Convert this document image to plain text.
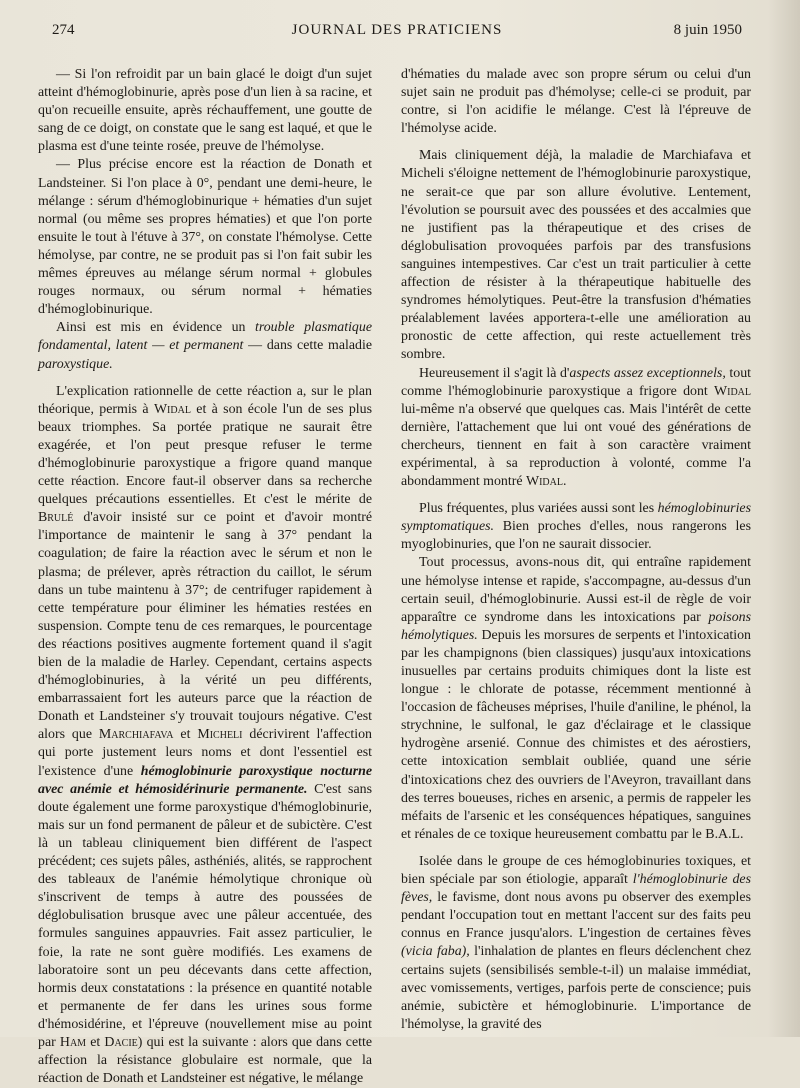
274	JOURNAL DES PRATICIENS	8 juin 1950

— Si l'on refroidit par un bain glacé le doigt d'un sujet atteint d'hémoglobinurie, après pose d'un lien à sa racine, et qu'on recueille ensuite, après réchauffement, une goutte de sang de ce doigt, on constate que le sang est laqué, et que le plasma est d'une teinte rosée, preuve de l'hémolyse.

— Plus précise encore est la réaction de Donath et Landsteiner. Si l'on place à 0°, pendant une demi-heure, le mélange : sérum d'hémoglobinurique + hématies d'un sujet normal (ou même ses propres hématies) et que l'on porte ensuite le tout à l'étuve à 37°, on constate l'hémolyse. Cette hémolyse, par contre, ne se produit pas si l'on fait subir les mêmes épreuves au mélange sérum normal + globules rouges normaux, ou sérum normal + hématies d'hémoglobinurique.

Ainsi est mis en évidence un trouble plasmatique fondamental, latent — et permanent — dans cette maladie paroxystique.

L'explication rationnelle de cette réaction a, sur le plan théorique, permis à Widal et à son école l'un de ses plus beaux triomphes. Sa portée pratique ne saurait être exagérée, et l'on peut presque refuser le terme d'hémoglobinurie paroxystique a frigore quand manque cette réaction. Encore faut-il observer dans sa recherche quelques précautions essentielles. Et c'est le mérite de Brulé d'avoir insisté sur ce point et d'avoir montré l'importance de maintenir le sang à 37° pendant la coagulation; de faire la réaction avec le sérum et non le plasma; de prélever, après rétraction du caillot, le sérum dans un tube maintenu à 37°; de centrifuger rapidement à cette température pour éliminer les hématies restées en suspension. Compte tenu de ces remarques, le pourcentage des réactions positives augmente fortement quand il s'agit bien de la maladie de Harley. Cependant, certains aspects d'hémoglobinuries, à la vérité un peu différents, embarrassaient fort les auteurs parce que la réaction de Donath et Landsteiner s'y trouvait toujours négative. C'est alors que Marchiafava et Micheli décrivirent l'affection qui porte justement leurs noms et dont l'essentiel est l'existence d'une hémoglobinurie paroxystique nocturne avec anémie et hémosidérinurie permanente. C'est sans doute également une forme paroxystique d'hémoglobinurie, mais sur un fond permanent de pâleur et de subictère. C'est là un tableau cliniquement bien différent de l'aspect précédent; ces sujets pâles, asthéniés, alités, se rapprochent des tableaux de l'anémie hémolytique chronique où s'inscrivent de temps à autre des poussées de déglobulisation brusque avec une pâleur accentuée, des formules sanguines appauvries. Fait assez particulier, le foie, la rate ne sont guère modifiés. Les examens de laboratoire sont un peu décevants dans cette affection, hormis deux constatations : la présence en quantité notable et permanente de fer dans les urines sous forme d'hémosidérine, et l'épreuve (nouvellement mise au point par Ham et Dacie) qui est la suivante : alors que dans cette affection la résistance globulaire est normale, que la réaction de Donath et Landsteiner est négative, le mélange

d'hématies du malade avec son propre sérum ou celui d'un sujet sain ne produit pas d'hémolyse; celle-ci se produit, par contre, si l'on acidifie le mélange. C'est là l'épreuve de l'hémolyse acide.

Mais cliniquement déjà, la maladie de Marchiafava et Micheli s'éloigne nettement de l'hémoglobinurie paroxystique, ne serait-ce que par son allure évolutive. Lentement, l'évolution se poursuit avec des poussées et des accalmies que ne justifient pas la thérapeutique et des crises de déglobulisation provoquées parfois par des transfusions sanguines intempestives. Car c'est un trait particulier à cette affection de résister à la thérapeutique habituelle des syndromes hémolytiques. Peut-être la transfusion d'hématies préalablement lavées apportera-t-elle une amélioration au pronostic de cette affection, qui reste actuellement très sombre.

Heureusement il s'agit là d'aspects assez exceptionnels, tout comme l'hémoglobinurie paroxystique a frigore dont Widal lui-même n'a observé que quelques cas. Mais l'intérêt de cette dernière, l'attachement que lui ont voué des générations de chercheurs, tiennent en fait à son caractère vraiment expérimental, à sa reproduction à volonté, comme l'a abondamment montré Widal.

Plus fréquentes, plus variées aussi sont les hémoglobinuries symptomatiques. Bien proches d'elles, nous rangerons les myoglobinuries, que l'on ne saurait dissocier.

Tout processus, avons-nous dit, qui entraîne rapidement une hémolyse intense et rapide, s'accompagne, au-dessus d'un certain seuil, d'hémoglobinurie. Aussi est-il de règle de voir apparaître ce syndrome dans les intoxications par poisons hémolytiques. Depuis les morsures de serpents et l'intoxication par les champignons (bien classiques) jusqu'aux intoxications inusuelles par certains produits chimiques dont la liste est longue : le chlorate de potasse, récemment mentionné à l'occasion de fâcheuses méprises, l'huile d'aniline, le phénol, la strychnine, le sulfonal, le gaz d'éclairage et le classique hydrogène arsenié. Connue des chimistes et des aérostiers, cette intoxication semblait oubliée, quand une série d'intoxications chez des ouvriers de l'Aveyron, travaillant dans des terres boueuses, riches en arsenic, a permis de rappeler les méfaits de l'arsenic et les conséquences hépatiques, sanguines et rénales de ce toxique heureusement combattu par le B.A.L.

Isolée dans le groupe de ces hémoglobinuries toxiques, et bien spéciale par son étiologie, apparaît l'hémoglobinurie des fèves, le favisme, dont nous avons pu observer des exemples pendant l'occupation tout en mettant l'accent sur des faits peu connus en France jusqu'alors. L'ingestion de certaines fèves (vicia faba), l'inhalation de plantes en fleurs déclenchent chez certains sujets (sensibilisés semble-t-il) un malaise immédiat, avec vomissements, vertiges, parfois perte de conscience; puis anémie, subictère et hémoglobinurie. L'importance de l'hémolyse, la gravité des
